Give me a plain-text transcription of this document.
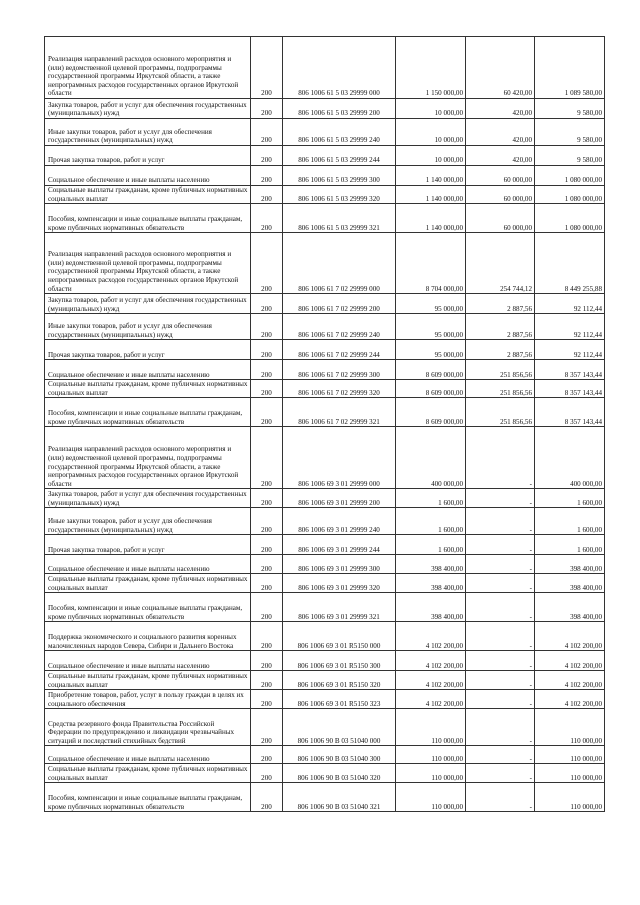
Реализация направлений расходов основного мероприятия и (или) ведомственной целевой программы, подпрограммы государственной программы Иркутской области, а также непрограммных расходов государственных органов Иркутской области	200	806 1006 61 5 03 29999 000	1 150 000,00	60 420,00	1 089 580,00
Закупка товаров, работ и услуг для обеспечения государственных (муниципальных) нужд	200	806 1006 61 5 03 29999 200	10 000,00	420,00	9 580,00
Иные закупки товаров, работ и услуг для обеспечения государственных (муниципальных) нужд	200	806 1006 61 5 03 29999 240	10 000,00	420,00	9 580,00
Прочая закупка товаров, работ и услуг	200	806 1006 61 5 03 29999 244	10 000,00	420,00	9 580,00
Социальное обеспечение и иные выплаты населению	200	806 1006 61 5 03 29999 300	1 140 000,00	60 000,00	1 080 000,00
Социальные выплаты гражданам, кроме публичных нормативных социальных выплат	200	806 1006 61 5 03 29999 320	1 140 000,00	60 000,00	1 080 000,00
Пособия, компенсации и иные социальные выплаты гражданам, кроме публичных нормативных обязательств	200	806 1006 61 5 03 29999 321	1 140 000,00	60 000,00	1 080 000,00
Реализация направлений расходов основного мероприятия и (или) ведомственной целевой программы, подпрограммы государственной программы Иркутской области, а также непрограммных расходов государственных органов Иркутской области	200	806 1006 61 7 02 29999 000	8 704 000,00	254 744,12	8 449 255,88
Закупка товаров, работ и услуг для обеспечения государственных (муниципальных) нужд	200	806 1006 61 7 02 29999 200	95 000,00	2 887,56	92 112,44
Иные закупки товаров, работ и услуг для обеспечения государственных (муниципальных) нужд	200	806 1006 61 7 02 29999 240	95 000,00	2 887,56	92 112,44
Прочая закупка товаров, работ и услуг	200	806 1006 61 7 02 29999 244	95 000,00	2 887,56	92 112,44
Социальное обеспечение и иные выплаты населению	200	806 1006 61 7 02 29999 300	8 609 000,00	251 856,56	8 357 143,44
Социальные выплаты гражданам, кроме публичных нормативных социальных выплат	200	806 1006 61 7 02 29999 320	8 609 000,00	251 856,56	8 357 143,44
Пособия, компенсации и иные социальные выплаты гражданам, кроме публичных нормативных обязательств	200	806 1006 61 7 02 29999 321	8 609 000,00	251 856,56	8 357 143,44
Реализация направлений расходов основного мероприятия и (или) ведомственной целевой программы, подпрограммы государственной программы Иркутской области, а также непрограммных расходов государственных органов Иркутской области	200	806 1006 69 3 01 29999 000	400 000,00	-	400 000,00
Закупка товаров, работ и услуг для обеспечения государственных (муниципальных) нужд	200	806 1006 69 3 01 29999 200	1 600,00	-	1 600,00
Иные закупки товаров, работ и услуг для обеспечения государственных (муниципальных) нужд	200	806 1006 69 3 01 29999 240	1 600,00	-	1 600,00
Прочая закупка товаров, работ и услуг	200	806 1006 69 3 01 29999 244	1 600,00	-	1 600,00
Социальное обеспечение и иные выплаты населению	200	806 1006 69 3 01 29999 300	398 400,00	-	398 400,00
Социальные выплаты гражданам, кроме публичных нормативных социальных выплат	200	806 1006 69 3 01 29999 320	398 400,00	-	398 400,00
Пособия, компенсации и иные социальные выплаты гражданам, кроме публичных нормативных обязательств	200	806 1006 69 3 01 29999 321	398 400,00	-	398 400,00
Поддержка экономического и социального развития коренных малочисленных народов Севера, Сибири и Дальнего Востока	200	806 1006 69 3 01 R5150 000	4 102 200,00	-	4 102 200,00
Социальное обеспечение и иные выплаты населению	200	806 1006 69 3 01 R5150 300	4 102 200,00	-	4 102 200,00
Социальные выплаты гражданам, кроме публичных нормативных социальных выплат	200	806 1006 69 3 01 R5150 320	4 102 200,00	-	4 102 200,00
Приобретение товаров, работ, услуг в пользу граждан в целях их социального обеспечения	200	806 1006 69 3 01 R5150 323	4 102 200,00	-	4 102 200,00
Средства резервного фонда Правительства Российской Федерации по предупреждению и ликвидации чрезвычайных ситуаций и последствий стихийных бедствий	200	806 1006 90 В 03 51040 000	110 000,00	-	110 000,00
Социальное обеспечение и иные выплаты населению	200	806 1006 90 В 03 51040 300	110 000,00	-	110 000,00
Социальные выплаты гражданам, кроме публичных нормативных социальных выплат	200	806 1006 90 В 03 51040 320	110 000,00	-	110 000,00
Пособия, компенсации и иные социальные выплаты гражданам, кроме публичных нормативных обязательств	200	806 1006 90 В 03 51040 321	110 000,00	-	110 000,00
